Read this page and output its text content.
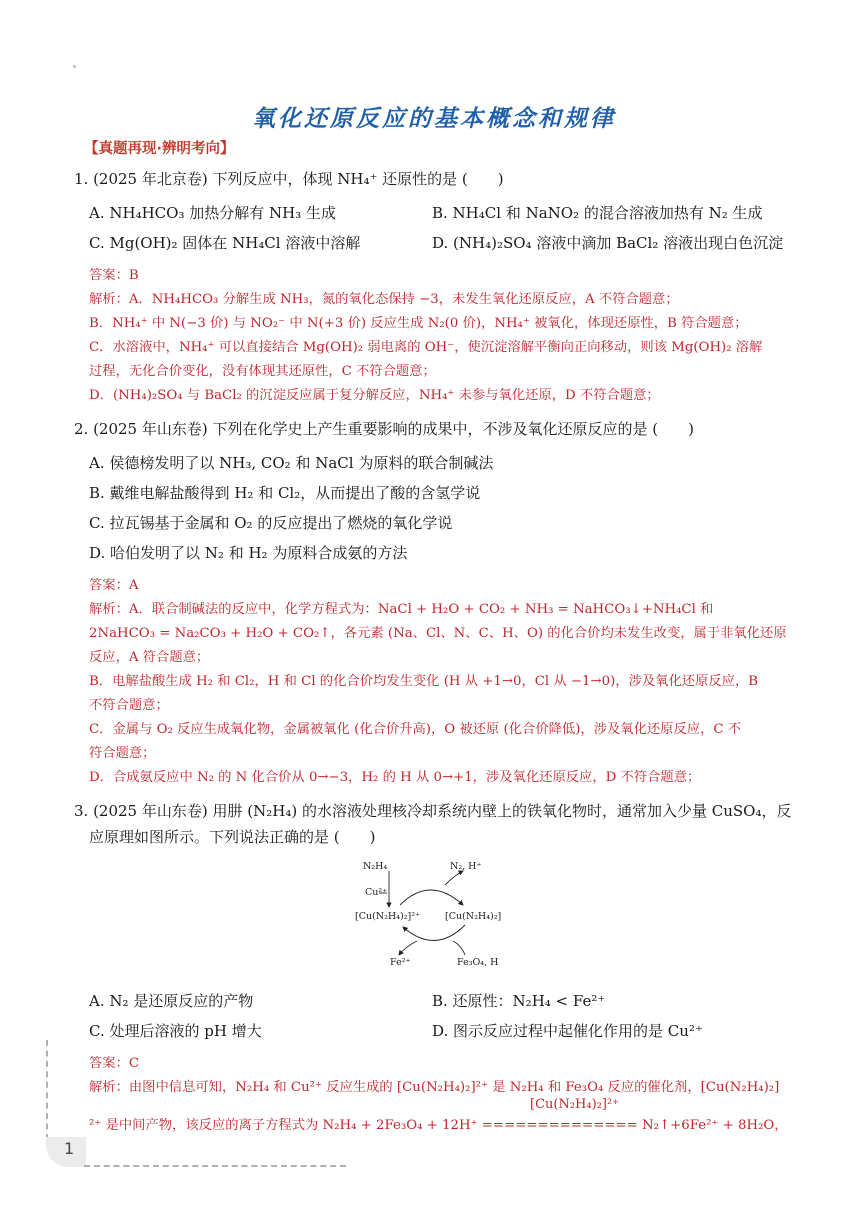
氧化还原反应的基本概念和规律
【真题再现·辨明考向】
1. (2025 年北京卷) 下列反应中，体现 NH₄⁺ 还原性的是 (　　)
A. NH₄HCO₃ 加热分解有 NH₃ 生成	B. NH₄Cl 和 NaNO₂ 的混合溶液加热有 N₂ 生成
C. Mg(OH)₂ 固体在 NH₄Cl 溶液中溶解	D. (NH₄)₂SO₄ 溶液中滴加 BaCl₂ 溶液出现白色沉淀
答案：B
解析：A．NH₄HCO₃ 分解生成 NH₃，氮的氧化态保持 −3，未发生氧化还原反应，A 不符合题意；
B．NH₄⁺ 中 N(−3 价) 与 NO₂⁻ 中 N(+3 价) 反应生成 N₂(0 价)，NH₄⁺ 被氧化，体现还原性，B 符合题意；
C．水溶液中，NH₄⁺ 可以直接结合 Mg(OH)₂ 弱电离的 OH⁻，使沉淀溶解平衡向正向移动，则该 Mg(OH)₂ 溶解
过程，无化合价变化，没有体现其还原性，C 不符合题意；
D．(NH₄)₂SO₄ 与 BaCl₂ 的沉淀反应属于复分解反应，NH₄⁺ 未参与氧化还原，D 不符合题意；
2. (2025 年山东卷) 下列在化学史上产生重要影响的成果中，不涉及氧化还原反应的是 (　　)
A. 侯德榜发明了以 NH₃, CO₂ 和 NaCl 为原料的联合制碱法
B. 戴维电解盐酸得到 H₂ 和 Cl₂，从而提出了酸的含氢学说
C. 拉瓦锡基于金属和 O₂ 的反应提出了燃烧的氧化学说
D. 哈伯发明了以 N₂ 和 H₂ 为原料合成氨的方法
答案：A
解析：A．联合制碱法的反应中，化学方程式为：NaCl + H₂O + CO₂ + NH₃ = NaHCO₃↓+NH₄Cl 和
2NaHCO₃ = Na₂CO₃ + H₂O + CO₂↑，各元素 (Na、Cl、N、C、H、O) 的化合价均未发生改变，属于非氧化还原
反应，A 符合题意；
B．电解盐酸生成 H₂ 和 Cl₂，H 和 Cl 的化合价均发生变化 (H 从 +1→0，Cl 从 −1→0)，涉及氧化还原反应，B
不符合题意；
C．金属与 O₂ 反应生成氧化物，金属被氧化 (化合价升高)，O 被还原 (化合价降低)，涉及氧化还原反应，C 不
符合题意；
D．合成氨反应中 N₂ 的 N 化合价从 0→−3，H₂ 的 H 从 0→+1，涉及氧化还原反应，D 不符合题意；
3. (2025 年山东卷) 用肼 (N₂H₄) 的水溶液处理核冷却系统内壁上的铁氧化物时，通常加入少量 CuSO₄，反
应原理如图所示。下列说法正确的是 (　　)
N₂H₄	N₂, H⁺
Cu²⁺
[Cu(N₂H₄)₂]²⁺	[Cu(N₂H₄)₂]
Fe²⁺	Fe₃O₄, H
A. N₂ 是还原反应的产物	B. 还原性：N₂H₄ < Fe²⁺
C. 处理后溶液的 pH 增大	D. 图示反应过程中起催化作用的是 Cu²⁺
答案：C
解析：由图中信息可知，N₂H₄ 和 Cu²⁺ 反应生成的 [Cu(N₂H₄)₂]²⁺ 是 N₂H₄ 和 Fe₃O₄ 反应的催化剂，[Cu(N₂H₄)₂]
[Cu(N₂H₄)₂]²⁺
²⁺ 是中间产物，该反应的离子方程式为 N₂H₄ + 2Fe₃O₄ + 12H⁺ ============== N₂↑+6Fe²⁺ + 8H₂O，
1
